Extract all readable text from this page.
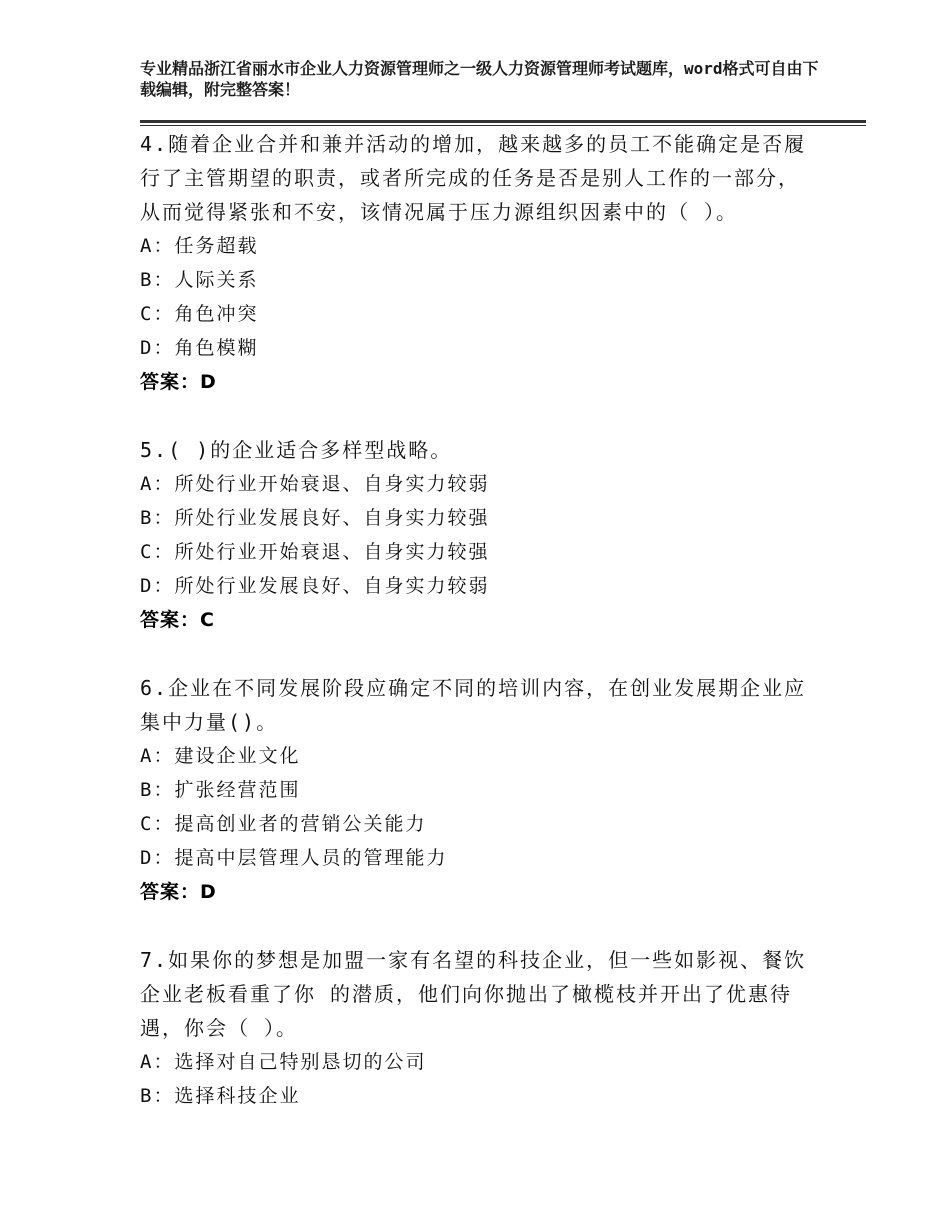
专业精品浙江省丽水市企业人力资源管理师之一级人力资源管理师考试题库，word格式可自由下载编辑，附完整答案！
4.随着企业合并和兼并活动的增加，越来越多的员工不能确定是否履
行了主管期望的职责，或者所完成的任务是否是别人工作的一部分，
从而觉得紧张和不安，该情况属于压力源组织因素中的（ ）。
A：任务超载
B：人际关系
C：角色冲突
D：角色模糊
答案：D
5.( )的企业适合多样型战略。
A：所处行业开始衰退、自身实力较弱
B：所处行业发展良好、自身实力较强
C：所处行业开始衰退、自身实力较强
D：所处行业发展良好、自身实力较弱
答案：C
6.企业在不同发展阶段应确定不同的培训内容，在创业发展期企业应
集中力量()。
A：建设企业文化
B：扩张经营范围
C：提高创业者的营销公关能力
D：提高中层管理人员的管理能力
答案：D
7.如果你的梦想是加盟一家有名望的科技企业，但一些如影视、餐饮
企业老板看重了你 的潜质，他们向你抛出了橄榄枝并开出了优惠待
遇，你会（ ）。
A：选择对自己特别恳切的公司
B：选择科技企业
